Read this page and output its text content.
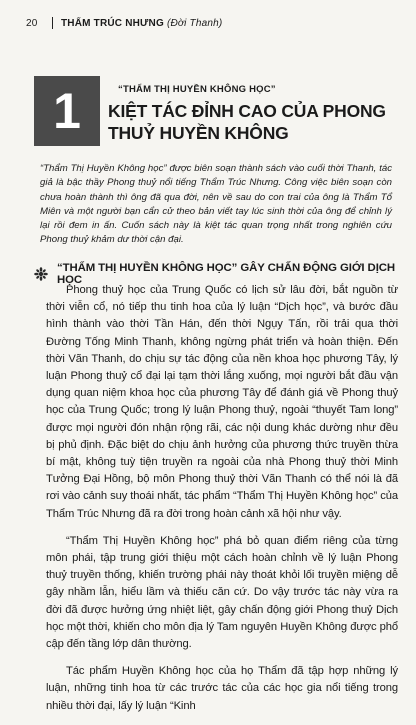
20	THẨM TRÚC NHƯNG (Đời Thanh)
1	“THẨM THỊ HUYỀN KHÔNG HỌC”
KIỆT TÁC ĐỈNH CAO CỦA PHONG THUỶ HUYỀN KHÔNG
“Thẩm Thị Huyền Không học” được biên soạn thành sách vào cuối thời Thanh, tác giả là bậc thầy Phong thuỷ nổi tiếng Thẩm Trúc Nhưng. Công việc biên soạn còn chưa hoàn thành thì ông đã qua đời, nên về sau do con trai của ông là Thẩm Tổ Miên và một người bạn cẩn cử theo bản viết tay lúc sinh thời của ông để chỉnh lý lại rồi đem in ấn. Cuốn sách này là kiệt tác quan trọng nhất trong nghiên cứu Phong thuỷ khảm dư thời cận đại.
“THẨM THỊ HUYỀN KHÔNG HỌC” GÂY CHẤN ĐỘNG GIỚI DỊCH HỌC

Phong thuỷ học của Trung Quốc có lịch sử lâu đời, bắt nguồn từ thời viễn cổ, nó tiếp thu tinh hoa của lý luận “Dịch học”, và bước đầu hình thành vào thời Tần Hán, đến thời Ngụy Tấn, rồi trải qua thời Đường Tống Minh Thanh, không ngừng phát triển và hoàn thiện. Đến thời Vãn Thanh, do chịu sự tác động của nền khoa học phương Tây, lý luận Phong thuỷ cổ đại lại tạm thời lắng xuống, mọi người bắt đầu vận dụng quan niệm khoa học của phương Tây để đánh giá về Phong thuỷ học của Trung Quốc; trong lý luận Phong thuỷ, ngoài “thuyết Tam long” được mọi người đón nhận rộng rãi, các nội dung khác dường như đều bị phủ định. Đặc biệt do chịu ảnh hưởng của phương thức truyền thừa bí mật, không tuỳ tiện truyền ra ngoài của nhà Phong thuỷ thời Minh Tưởng Đại Hồng, bộ môn Phong thuỷ thời Vãn Thanh có thể nói là đã rơi vào cảnh suy thoái nhất, tác phẩm “Thẩm Thị Huyền Không học” của Thẩm Trúc Nhưng đã ra đời trong hoàn cảnh xã hội như vậy.

“Thẩm Thị Huyền Không học” phá bỏ quan điểm riêng của từng môn phái, tập trung giới thiệu một cách hoàn chỉnh về lý luận Phong thuỷ truyền thống, khiến trường phái này thoát khỏi lối truyền miệng dễ gây nhầm lẫn, hiểu lầm và thiếu căn cứ. Do vậy trước tác này vừa ra đời đã được hưởng ứng nhiệt liệt, gây chấn động giới Phong thuỷ Dịch học một thời, khiến cho môn địa lý Tam nguyên Huyền Không được phổ cập đến tầng lớp dân thường.

Tác phẩm Huyền Không học của họ Thẩm đã tập hợp những lý luận, những tinh hoa từ các trước tác của các học gia nổi tiếng trong nhiều thời đại, lấy lý luận “Kinh
